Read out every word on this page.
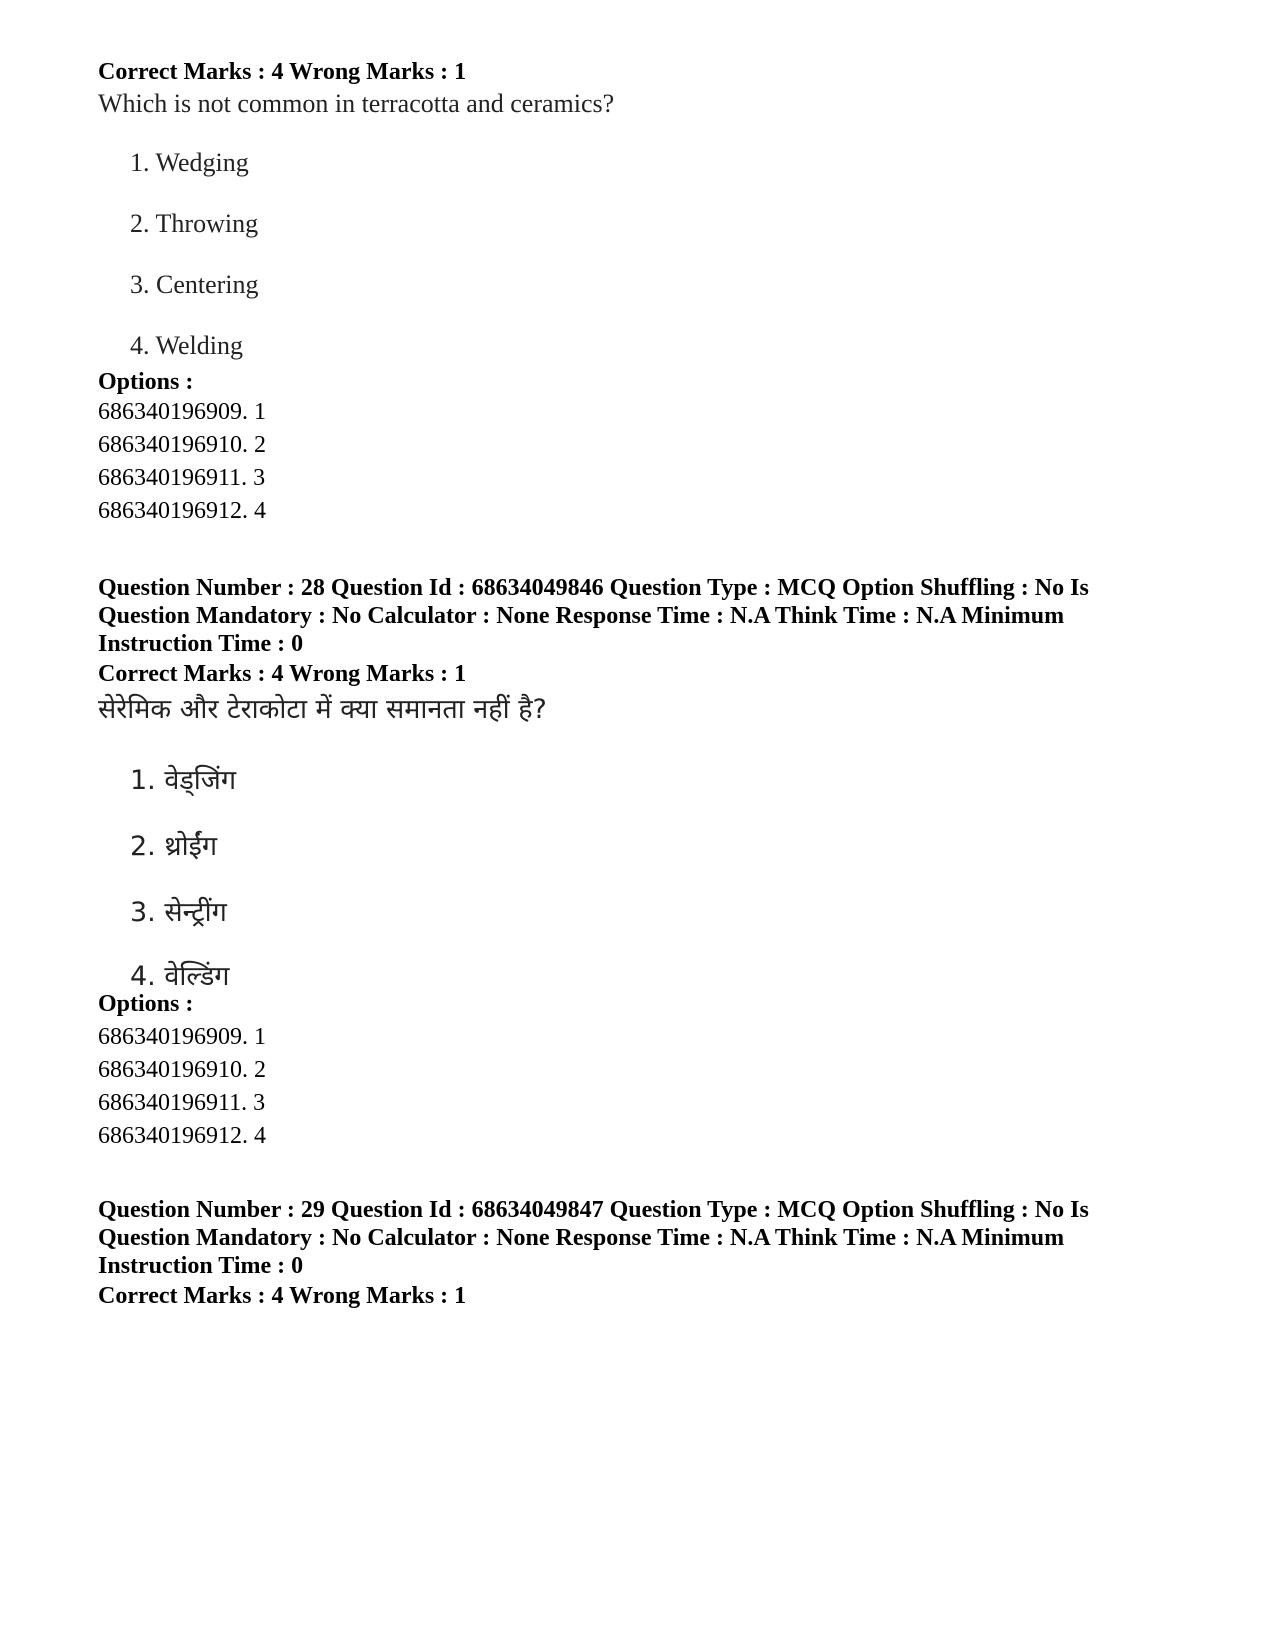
Correct Marks : 4 Wrong Marks : 1

Which is not common in terracotta and ceramics?

1. Wedging
2. Throwing
3. Centering
4. Welding

Options :

686340196909. 1

686340196910. 2

686340196911. 3

686340196912. 4

Question Number : 28 Question Id : 68634049846 Question Type : MCQ Option Shuffling : No Is Question Mandatory : No Calculator : None Response Time : N.A Think Time : N.A Minimum Instruction Time : 0

Correct Marks : 4 Wrong Marks : 1

सेरेमिक और टेराकोटा में क्या समानता नहीं है?

1. वेड्जिंग
2. थ्रोईंग
3. सेन्ट्रींग
4. वेल्डिंग

Options :

686340196909. 1

686340196910. 2

686340196911. 3

686340196912. 4

Question Number : 29 Question Id : 68634049847 Question Type : MCQ Option Shuffling : No Is Question Mandatory : No Calculator : None Response Time : N.A Think Time : N.A Minimum Instruction Time : 0

Correct Marks : 4 Wrong Marks : 1
